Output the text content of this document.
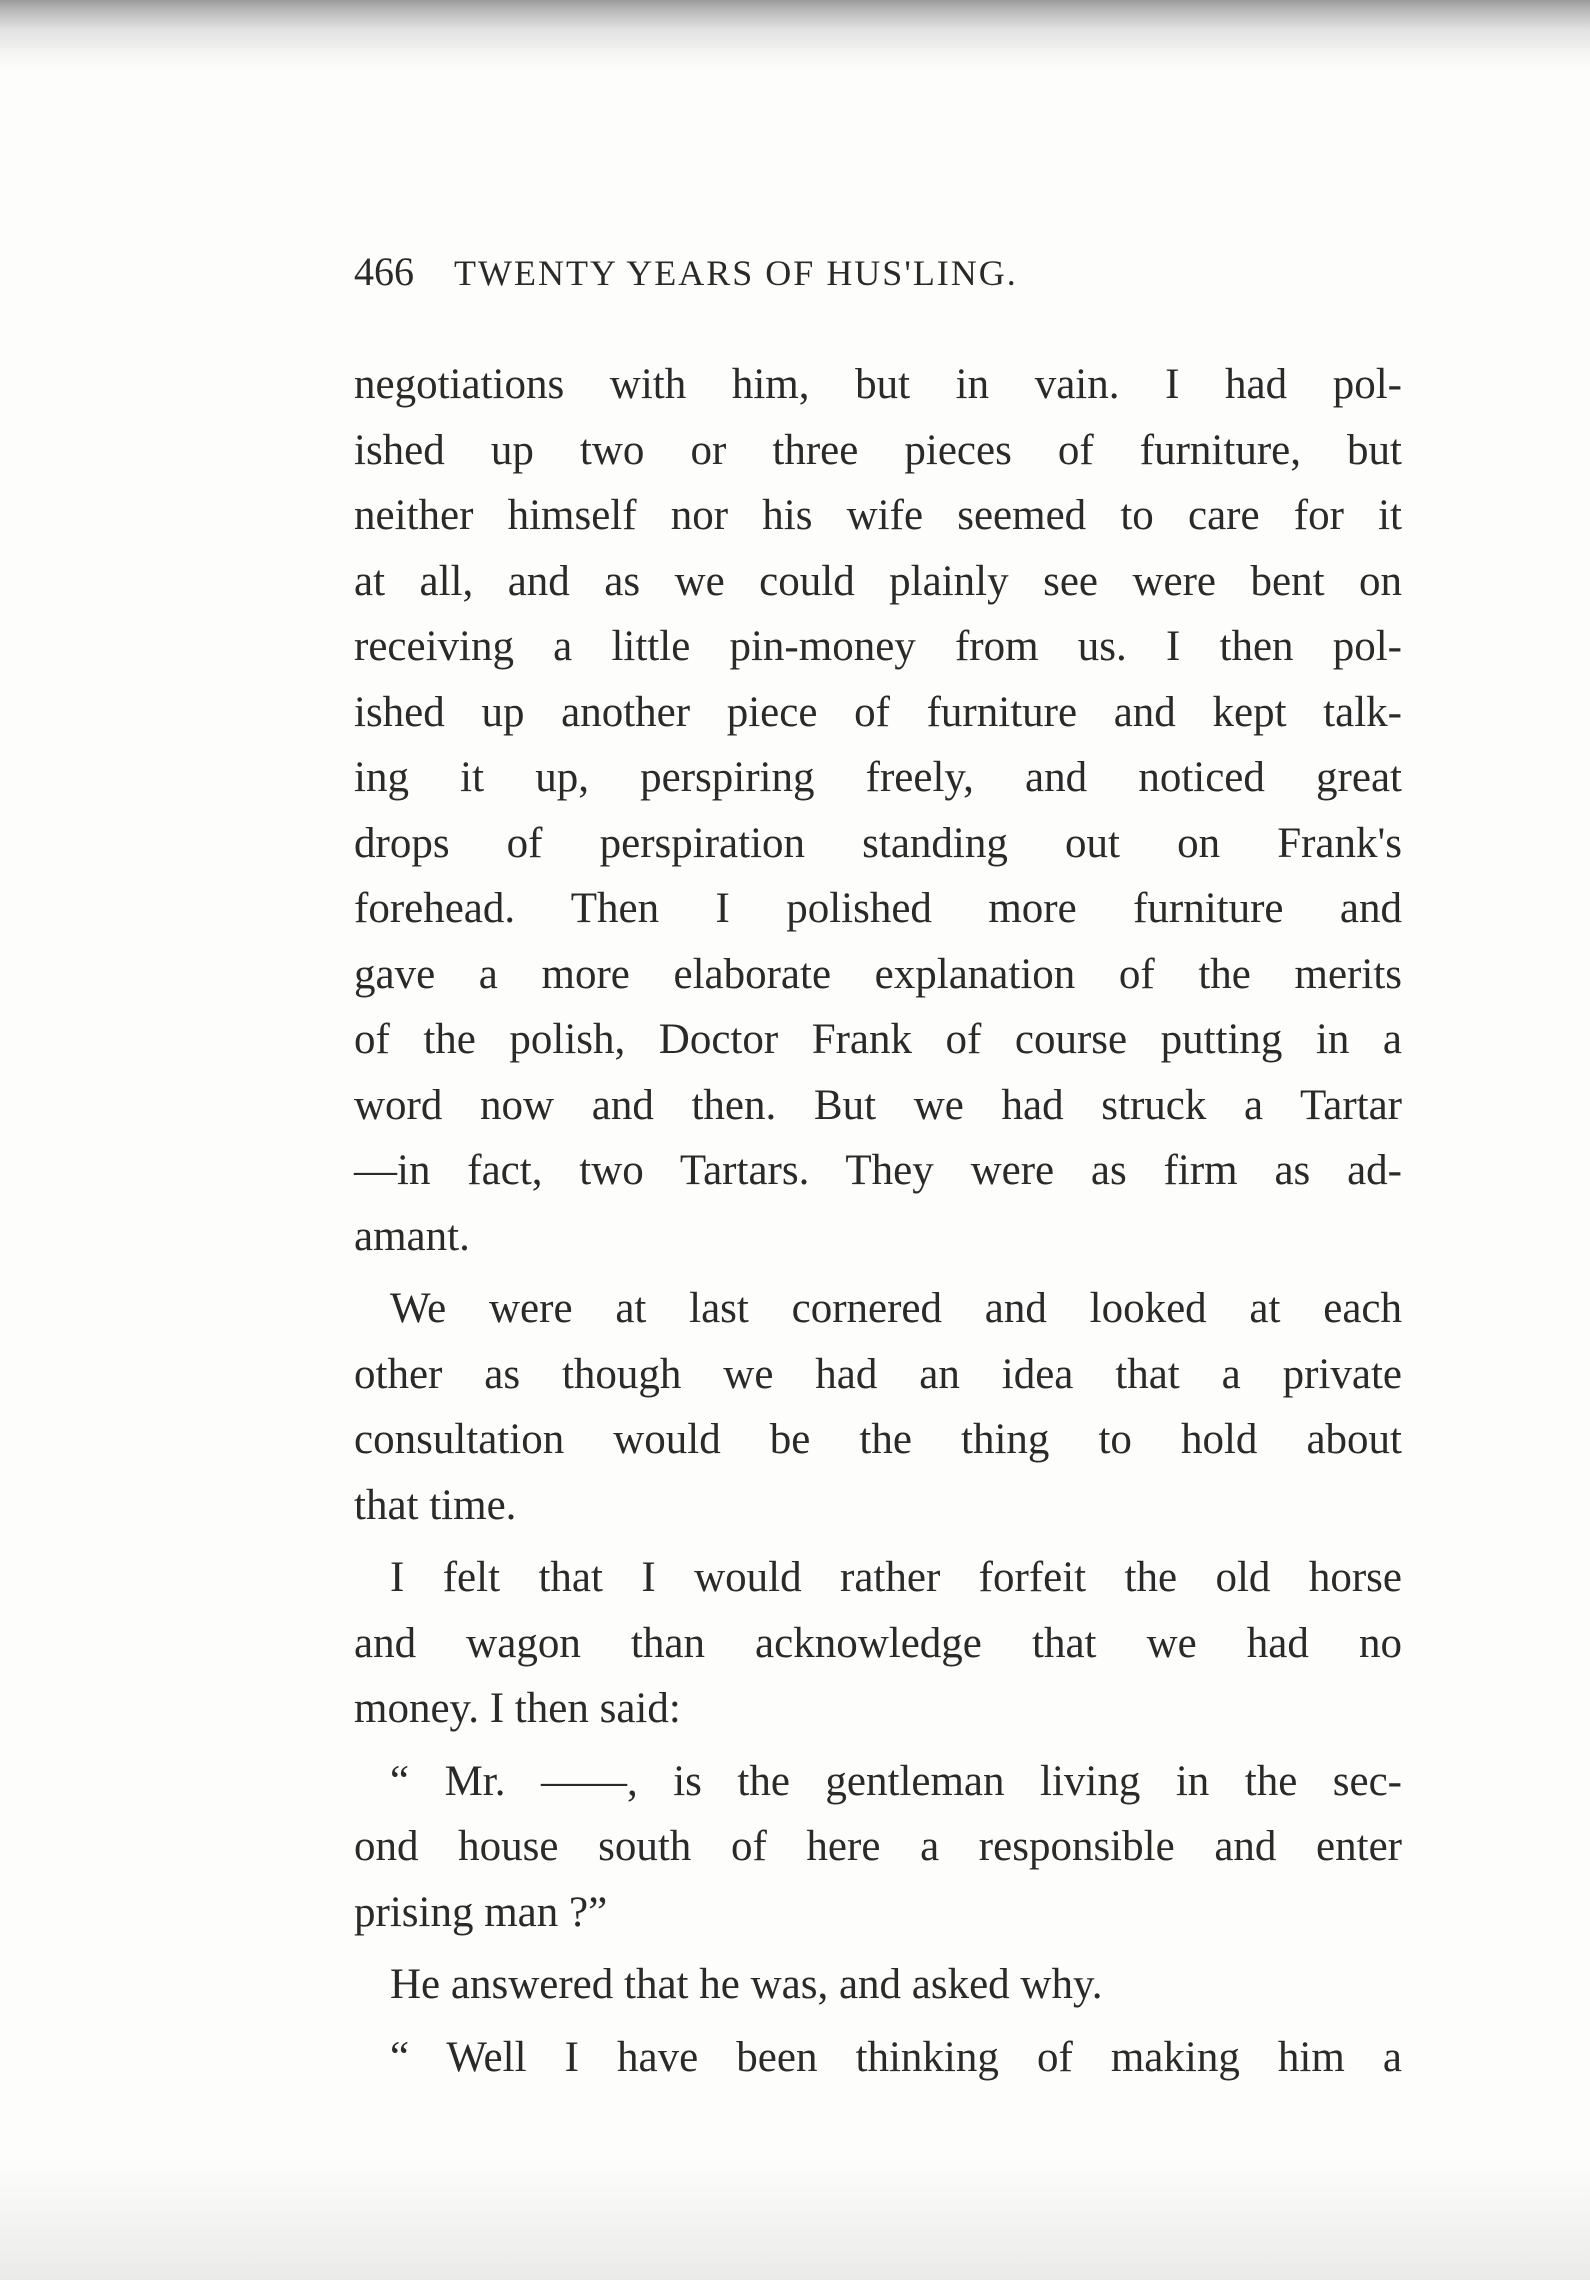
466 TWENTY YEARS OF HUS'LING.
negotiations with him, but in vain. I had pol-
ished up two or three pieces of furniture, but
neither himself nor his wife seemed to care for it
at all, and as we could plainly see were bent on
receiving a little pin-money from us. I then pol-
ished up another piece of furniture and kept talk-
ing it up, perspiring freely, and noticed great
drops of perspiration standing out on Frank's
forehead. Then I polished more furniture and
gave a more elaborate explanation of the merits
of the polish, Doctor Frank of course putting in a
word now and then. But we had struck a Tartar
—in fact, two Tartars. They were as firm as ad-
amant.
We were at last cornered and looked at each
other as though we had an idea that a private
consultation would be the thing to hold about
that time.
I felt that I would rather forfeit the old horse
and wagon than acknowledge that we had no
money. I then said:
“ Mr. ——, is the gentleman living in the sec-
ond house south of here a responsible and enter
prising man ?”
He answered that he was, and asked why.
“ Well I have been thinking of making him a
